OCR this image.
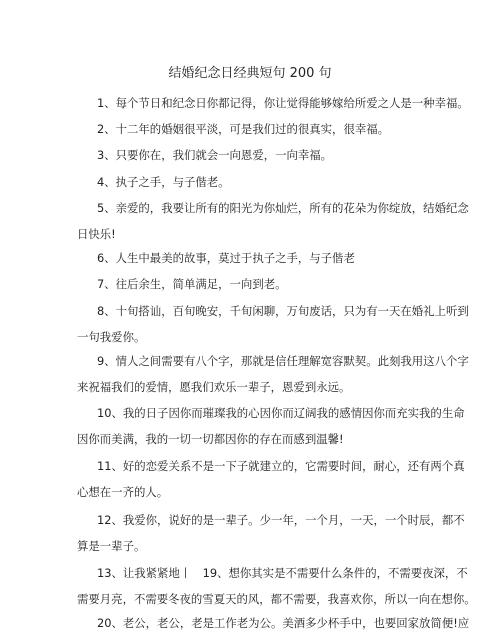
结婚纪念日经典短句 200 句

1、每个节日和纪念日你都记得，你让觉得能够嫁给所爱之人是一种幸福。

2、十二年的婚姻很平淡，可是我们过的很真实，很幸福。

3、只要你在，我们就会一向恩爱，一向幸福。

4、执子之手，与子偕老。

5、亲爱的，我要让所有的阳光为你灿烂，所有的花朵为你绽放，结婚纪念
日快乐!

6、人生中最美的故事，莫过于执子之手，与子偕老

7、往后余生，简单满足，一向到老。

8、十旬搭讪，百旬晚安，千旬闲聊，万旬废话，只为有一天在婚礼上听到
一句我爱你。

9、情人之间需要有八个字，那就是信任理解宽容默契。此刻我用这八个字
来祝福我们的爱情，愿我们欢乐一辈子，恩爱到永远。

10、我的日子因你而璀璨我的心因你而辽阔我的感情因你而充实我的生命
因你而美满，我的一切一切都因你的存在而感到温馨!

11、好的恋爱关系不是一下子就建立的，它需要时间，耐心，还有两个真
心想在一齐的人。

12、我爱你，说好的是一辈子。少一年，一个月，一天，一个时辰，都不
算是一辈子。

13、让我紧紧地丨　19、想你其实是不需要什么条件的，不需要夜深，不
需要月亮，不需要冬夜的雪夏天的风，都不需要，我喜欢你，所以一向在想你。

20、老公，老公，老是工作老为公。美酒多少杯手中，也要回家放简便!应
